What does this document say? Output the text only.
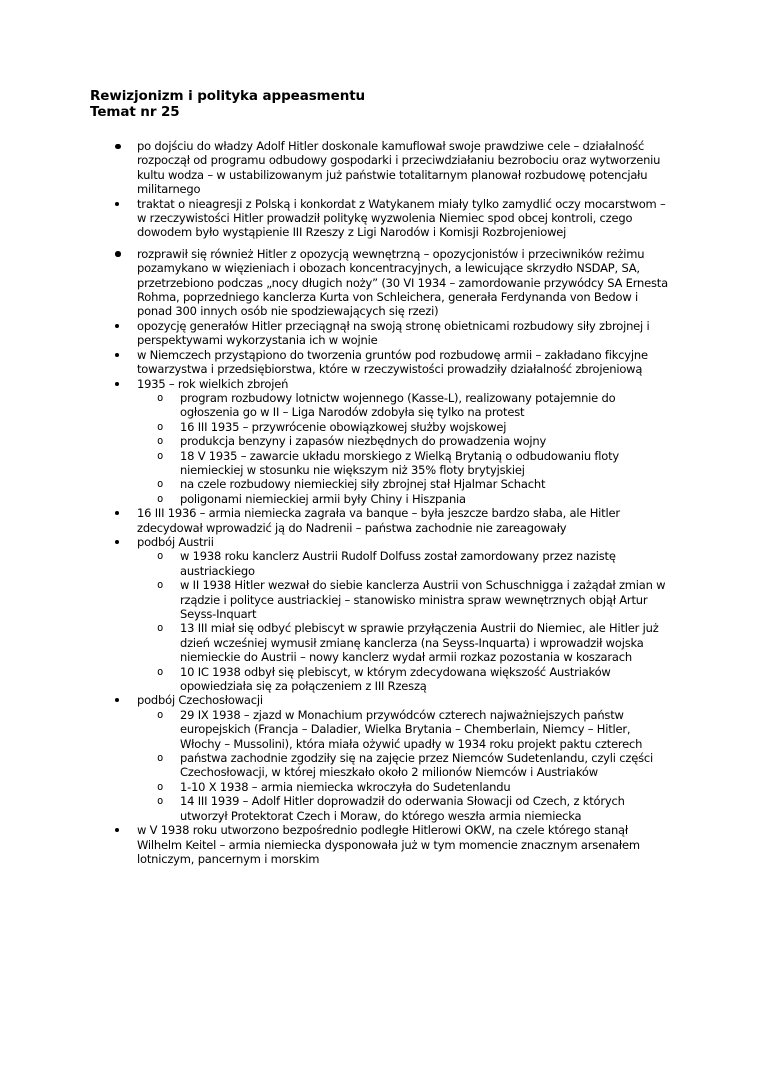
Rewizjonizm i polityka appeasmentu
Temat nr 25
po dojściu do władzy Adolf Hitler doskonale kamuflował swoje prawdziwe cele – działalność rozpoczął od programu odbudowy gospodarki i przeciwdziałaniu bezrobociu oraz wytworzeniu kultu wodza – w ustabilizowanym już państwie totalitarnym planował rozbudowę potencjału militarnego
traktat o nieagresji z Polską i konkordat z Watykanem miały tylko zamydlić oczy mocarstwom – w rzeczywistości Hitler prowadził politykę wyzwolenia Niemiec spod obcej kontroli, czego dowodem było wystąpienie III Rzeszy z Ligi Narodów i Komisji Rozbrojeniowej
rozprawił się również Hitler z opozycją wewnętrzną – opozycjonistów i przeciwników reżimu pozamykano w więzieniach i obozach koncentracyjnych, a lewicujące skrzydło NSDAP, SA, przetrzebiono podczas „nocy długich noży” (30 VI 1934 – zamordowanie przywódcy SA Ernesta Rohma, poprzedniego kanclerza Kurta von Schleichera, generała Ferdynanda von Bedow i ponad 300 innych osób nie spodziewających się rzezi)
opozycję generałów Hitler przeciągnął na swoją stronę obietnicami rozbudowy siły zbrojnej i perspektywami wykorzystania ich w wojnie
w Niemczech przystąpiono do tworzenia gruntów pod rozbudowę armii – zakładano fikcyjne towarzystwa i przedsiębiorstwa, które w rzeczywistości prowadziły działalność zbrojeniową
1935 – rok wielkich zbrojeń
o	program rozbudowy lotnictw wojennego (Kasse-L), realizowany potajemnie do ogłoszenia go w II – Liga Narodów zdobyła się tylko na protest
o	16 III 1935 – przywrócenie obowiązkowej służby wojskowej
o	produkcja benzyny i zapasów niezbędnych do prowadzenia wojny
o	18 V 1935 – zawarcie układu morskiego z Wielką Brytanią o odbudowaniu floty niemieckiej w stosunku nie większym niż 35% floty brytyjskiej
o	na czele rozbudowy niemieckiej siły zbrojnej stał Hjalmar Schacht
o	poligonami niemieckiej armii były Chiny i Hiszpania
16 III 1936 – armia niemiecka zagrała va banque – była jeszcze bardzo słaba, ale Hitler zdecydował wprowadzić ją do Nadrenii – państwa zachodnie nie zareagowały
podbój Austrii
o	w 1938 roku kanclerz Austrii Rudolf Dolfuss został zamordowany przez nazistę austriackiego
o	w II 1938 Hitler wezwał do siebie kanclerza Austrii von Schuschnigga i zażądał zmian w rządzie i polityce austriackiej – stanowisko ministra spraw wewnętrznych objął Artur Seyss-Inquart
o	13 III miał się odbyć plebiscyt w sprawie przyłączenia Austrii do Niemiec, ale Hitler już dzień wcześniej wymusił zmianę kanclerza (na Seyss-Inquarta) i wprowadził wojska niemieckie do Austrii – nowy kanclerz wydał armii rozkaz pozostania w koszarach
o	10 IC 1938 odbył się plebiscyt, w którym zdecydowana większość Austriaków opowiedziała się za połączeniem z III Rzeszą
podbój Czechosłowacji
o	29 IX 1938 – zjazd w Monachium przywódców czterech najważniejszych państw europejskich (Francja – Daladier, Wielka Brytania – Chemberlain, Niemcy – Hitler, Włochy – Mussolini), która miała ożywić upadły w 1934 roku projekt paktu czterech
o	państwa zachodnie zgodziły się na zajęcie przez Niemców Sudetenlandu, czyli części Czechosłowacji, w której mieszkało około 2 milionów Niemców i Austriaków
o	1-10 X 1938 – armia niemiecka wkroczyła do Sudetenlandu
o	14 III 1939 – Adolf Hitler doprowadził do oderwania Słowacji od Czech, z których utworzył Protektorat Czech i Moraw, do którego weszła armia niemiecka
w V 1938 roku utworzono bezpośrednio podległe Hitlerowi OKW, na czele którego stanął Wilhelm Keitel – armia niemiecka dysponowała już w tym momencie znacznym arsenałem lotniczym, pancernym i morskim
